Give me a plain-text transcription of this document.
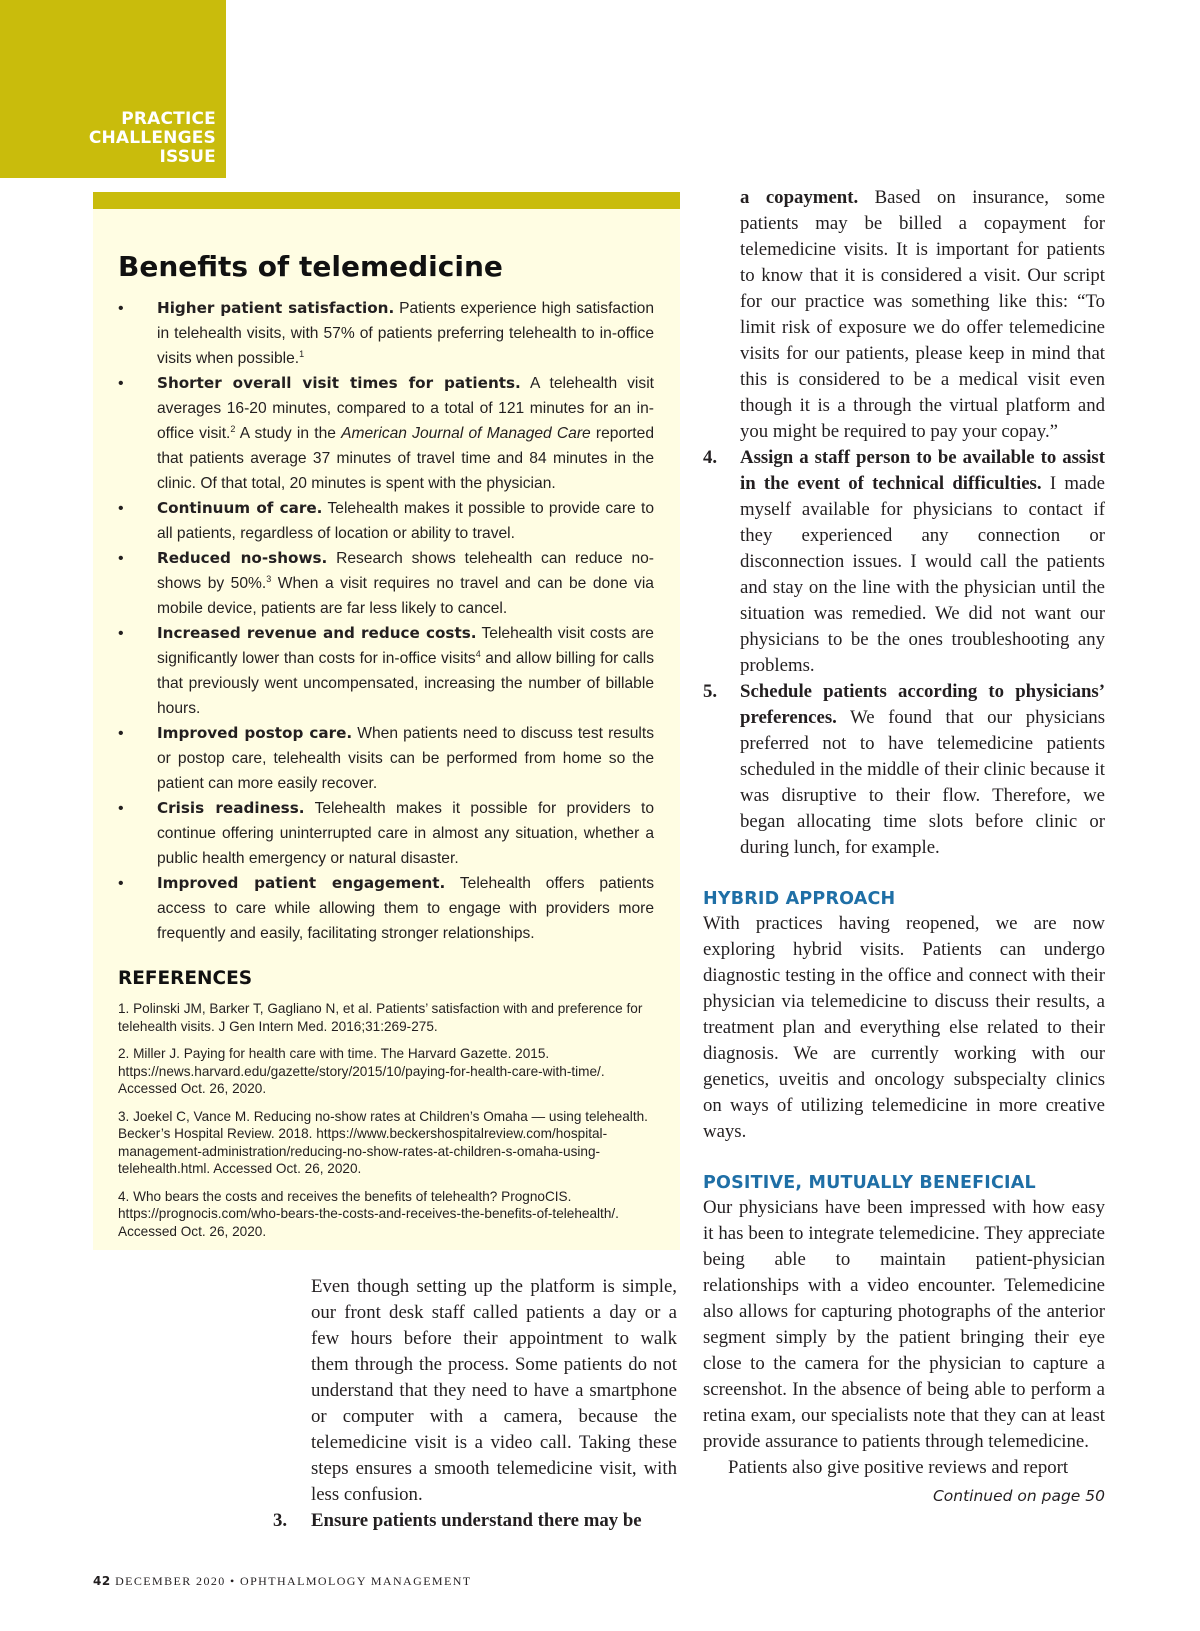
PRACTICE
CHALLENGES
ISSUE
Benefits of telemedicine
• Higher patient satisfaction. Patients experience high satisfaction in telehealth visits, with 57% of patients preferring telehealth to in-office visits when possible.$^1$
• Shorter overall visit times for patients. A telehealth visit averages 16-20 minutes, compared to a total of 121 minutes for an in-office visit.$^2$ A study in the American Journal of Managed Care reported that patients average 37 minutes of travel time and 84 minutes in the clinic. Of that total, 20 minutes is spent with the physician.
• Continuum of care. Telehealth makes it possible to provide care to all patients, regardless of location or ability to travel.
• Reduced no-shows. Research shows telehealth can reduce no-shows by 50%.$^3$ When a visit requires no travel and can be done via mobile device, patients are far less likely to cancel.
• Increased revenue and reduce costs. Telehealth visit costs are significantly lower than costs for in-office visits$^4$ and allow billing for calls that previously went uncompensated, increasing the number of billable hours.
• Improved postop care. When patients need to discuss test results or postop care, telehealth visits can be performed from home so the patient can more easily recover.
• Crisis readiness. Telehealth makes it possible for providers to continue offering uninterrupted care in almost any situation, whether a public health emergency or natural disaster.
• Improved patient engagement. Telehealth offers patients access to care while allowing them to engage with providers more frequently and easily, facilitating stronger relationships.
REFERENCES

1. Polinski JM, Barker T, Gagliano N, et al. Patients’ satisfaction with and preference for telehealth visits. J Gen Intern Med. 2016;31:269-275.

2. Miller J. Paying for health care with time. The Harvard Gazette. 2015. https://news.harvard.edu/gazette/story/2015/10/paying-for-health-care-with-time/. Accessed Oct. 26, 2020.

3. Joekel C, Vance M. Reducing no-show rates at Children’s Omaha — using telehealth. Becker’s Hospital Review. 2018. https://www.beckershospitalreview.com/hospital-management-administration/reducing-no-show-rates-at-children-s-omaha-using-telehealth.html. Accessed Oct. 26, 2020.

4. Who bears the costs and receives the benefits of telehealth? PrognoCIS. https://prognocis.com/who-bears-the-costs-and-receives-the-benefits-of-telehealth/. Accessed Oct. 26, 2020.

Even though setting up the platform is simple, our front desk staff called patients a day or a few hours before their appointment to walk them through the process. Some patients do not understand that they need to have a smartphone or computer with a camera, because the telemedicine visit is a video call. Taking these steps ensures a smooth telemedicine visit, with less confusion.

3. Ensure patients understand there may be

a copayment. Based on insurance, some patients may be billed a copayment for telemedicine visits. It is important for patients to know that it is considered a visit. Our script for our practice was something like this: “To limit risk of exposure we do offer telemedicine visits for our patients, please keep in mind that this is considered to be a medical visit even though it is a through the virtual platform and you might be required to pay your copay.”

4. Assign a staff person to be available to assist in the event of technical difficulties. I made myself available for physicians to contact if they experienced any connection or disconnection issues. I would call the patients and stay on the line with the physician until the situation was remedied. We did not want our physicians to be the ones troubleshooting any problems.

5. Schedule patients according to physicians’ preferences. We found that our physicians preferred not to have telemedicine patients scheduled in the middle of their clinic because it was disruptive to their flow. Therefore, we began allocating time slots before clinic or during lunch, for example.

HYBRID APPROACH

With practices having reopened, we are now exploring hybrid visits. Patients can undergo diagnostic testing in the office and connect with their physician via telemedicine to discuss their results, a treatment plan and everything else related to their diagnosis. We are currently working with our genetics, uveitis and oncology subspecialty clinics on ways of utilizing telemedicine in more creative ways.

POSITIVE, MUTUALLY BENEFICIAL

Our physicians have been impressed with how easy it has been to integrate telemedicine. They appreciate being able to maintain patient-physician relationships with a video encounter. Telemedicine also allows for capturing photographs of the anterior segment simply by the patient bringing their eye close to the camera for the physician to capture a screenshot. In the absence of being able to perform a retina exam, our specialists note that they can at least provide assurance to patients through telemedicine.

Patients also give positive reviews and report

Continued on page 50
42 DECEMBER 2020 • OPHTHALMOLOGY MANAGEMENT
